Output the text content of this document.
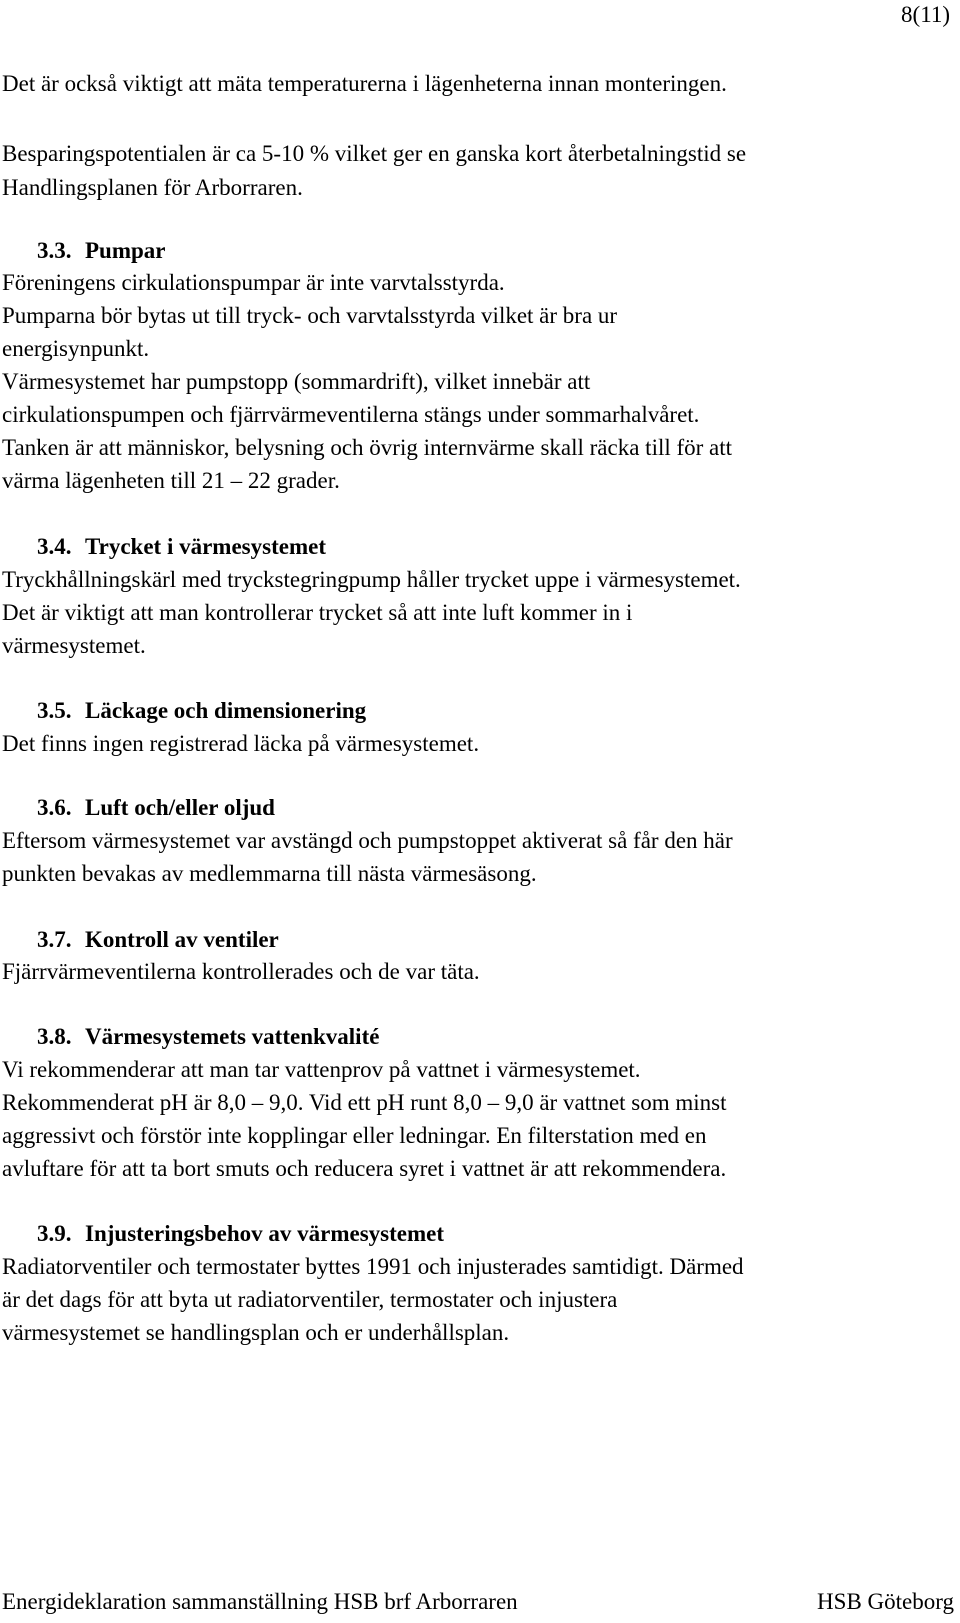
8(11)
Det är också viktigt att mäta temperaturerna i lägenheterna innan monteringen.
Besparingspotentialen är ca 5-10 % vilket ger en ganska kort återbetalningstid se
Handlingsplanen för Arborraren.
3.3. Pumpar
Föreningens cirkulationspumpar är inte varvtalsstyrda.
Pumparna bör bytas ut till tryck- och varvtalsstyrda vilket är bra ur
energisynpunkt.
Värmesystemet har pumpstopp (sommardrift), vilket innebär att
cirkulationspumpen och fjärrvärmeventilerna stängs under sommarhalvåret.
Tanken är att människor, belysning och övrig internvärme skall räcka till för att
värma lägenheten till 21 – 22 grader.
3.4. Trycket i värmesystemet
Tryckhållningskärl med tryckstegringpump håller trycket uppe i värmesystemet.
Det är viktigt att man kontrollerar trycket så att inte luft kommer in i
värmesystemet.
3.5. Läckage och dimensionering
Det finns ingen registrerad läcka på värmesystemet.
3.6. Luft och/eller oljud
Eftersom värmesystemet var avstängd och pumpstoppet aktiverat så får den här
punkten bevakas av medlemmarna till nästa värmesäsong.
3.7. Kontroll av ventiler
Fjärrvärmeventilerna kontrollerades och de var täta.
3.8. Värmesystemets vattenkvalité
Vi rekommenderar att man tar vattenprov på vattnet i värmesystemet.
Rekommenderat pH är 8,0 – 9,0. Vid ett pH runt 8,0 – 9,0 är vattnet som minst
aggressivt och förstör inte kopplingar eller ledningar. En filterstation med en
avluftare för att ta bort smuts och reducera syret i vattnet är att rekommendera.
3.9. Injusteringsbehov av värmesystemet
Radiatorventiler och termostater byttes 1991 och injusterades samtidigt. Därmed
är det dags för att byta ut radiatorventiler, termostater och injustera
värmesystemet se handlingsplan och er underhållsplan.
Energideklaration sammanställning HSB brf Arborraren	HSB Göteborg
